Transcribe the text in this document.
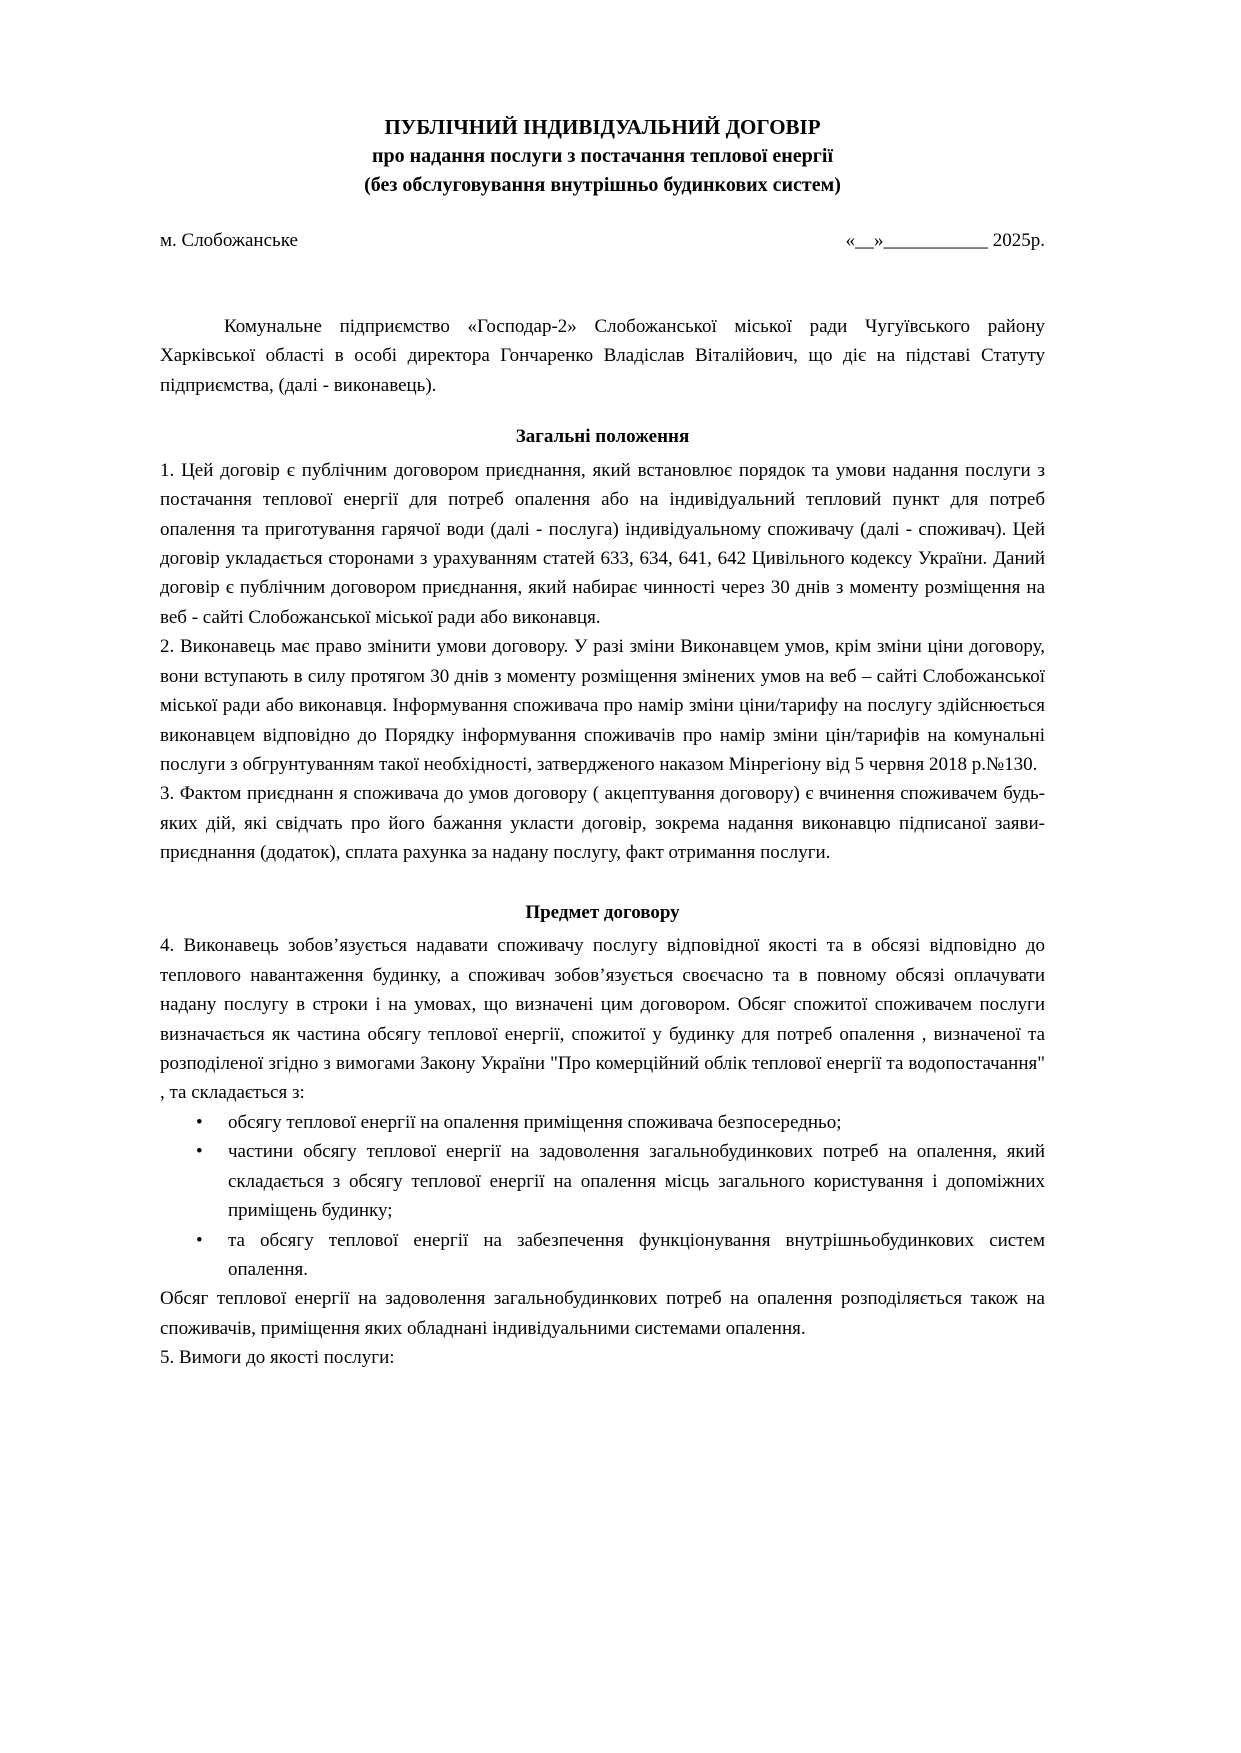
ПУБЛІЧНИЙ ІНДИВІДУАЛЬНИЙ ДОГОВІР
про надання послуги з постачання теплової енергії
(без обслуговування внутрішньо будинкових систем)
м. Слобожанське	«__»___________ 2025р.

Комунальне підприємство «Господар-2» Слобожанської міської ради Чугуївського району Харківської області в особі директора Гончаренко Владіслав Віталійович, що діє на підставі Статуту підприємства, (далі - виконавець).

Загальні положення

1. Цей договір є публічним договором приєднання, який встановлює порядок та умови надання послуги з постачання теплової енергії для потреб опалення або на індивідуальний тепловий пункт для потреб опалення та приготування гарячої води (далі - послуга) індивідуальному споживачу (далі - споживач). Цей договір укладається сторонами з урахуванням статей 633, 634, 641, 642 Цивільного кодексу України. Даний договір є публічним договором приєднання, який набирає чинності через 30 днів з моменту розміщення на веб - сайті Слобожанської міської ради або виконавця.

2. Виконавець має право змінити умови договору. У разі зміни Виконавцем умов, крім зміни ціни договору, вони вступають в силу протягом 30 днів з моменту розміщення змінених умов на веб – сайті Слобожанської міської ради або виконавця. Інформування споживача про намір зміни ціни/тарифу на послугу здійснюється виконавцем відповідно до Порядку інформування споживачів про намір зміни цін/тарифів на комунальні послуги з обгрунтуванням такої необхідності, затвердженого наказом Мінрегіону від 5 червня 2018 р.№130.

3. Фактом приєднанн я споживача до умов договору ( акцептування договору) є вчинення споживачем будь-яких дій, які свідчать про його бажання укласти договір, зокрема надання виконавцю підписаної заяви-приєднання (додаток), сплата рахунка за надану послугу, факт отримання послуги.

Предмет договору

4. Виконавець зобов’язується надавати споживачу послугу відповідної якості та в обсязі відповідно до теплового навантаження будинку, а споживач зобов’язується своєчасно та в повному обсязі оплачувати надану послугу в строки і на умовах, що визначені цим договором. Обсяг спожитої споживачем послуги визначається як частина обсягу теплової енергії, спожитої у будинку для потреб опалення , визначеної та розподіленої згідно з вимогами Закону України "Про комерційний облік теплової енергії та водопостачання" , та складається з:

• обсягу теплової енергії на опалення приміщення споживача безпосередньо;
• частини обсягу теплової енергії на задоволення загальнобудинкових потреб на опалення, який складається з обсягу теплової енергії на опалення місць загального користування і допоміжних приміщень будинку;
• та обсягу теплової енергії на забезпечення функціонування внутрішньобудинкових систем опалення.

Обсяг теплової енергії на задоволення загальнобудинкових потреб на опалення розподіляється також на споживачів, приміщення яких обладнані індивідуальними системами опалення.

5. Вимоги до якості послуги:
